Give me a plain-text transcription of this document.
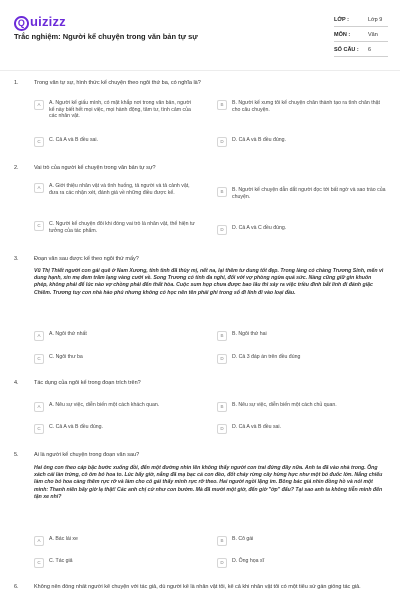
Q uizizz
Trắc nghiệm: Người kể chuyện trong văn bản tự sự
LỚP :	Lớp 9
MÔN :	Văn
SỐ CÂU : 6
1.	Trong văn tự sự, hình thức kể chuyện theo ngôi thứ ba, có nghĩa là?
A	A. Người kể giấu mình, có mặt khắp nơi trong văn bản, người kể này biết hết mọi việc, mọi hành động, tâm tư, tình cảm của các nhân vật.
B	B. Người kể xưng tôi kể chuyện chân thành tạo ra tình chân thật cho câu chuyện.
C	C. Cả A và B đều sai.	D	D. Cả A và B đều đúng.
2.	Vai trò của người kể chuyện trong văn bản tự sự?
A	A. Giới thiệu nhân vật và tình huống, tả người và tả cảnh vật, đưa ra các nhận xét, đánh giá về những điều được kể.	B	B. Người kể chuyện dẫn dắt người đọc tới bất ngờ và sao trào của chuyện.
C	C. Người kể chuyện đôi khi đóng vai trò là nhân vật, thể hiện tư tưởng của tác phẩm.	D	D. Cả A và C đều đúng.
3.	Đoạn văn sau được kể theo ngôi thứ mấy?
Vũ Thị Thiết người con gái quê ở Nam Xương, tính tình đã thùy mị, nết na, lại thêm tư dung tốt đẹp. Trong làng có chàng Trương Sinh, mến vì dung hạnh, xin mẹ đem trăm lạng vàng cưới về. Song Trương có tính đa nghi, đối với vợ phòng ngừa quá sức. Nàng cũng giữ gìn khuôn phép, không phải để lúc nào vợ chồng phải đến thất hòa. Cuộc sum họp chưa được bao lâu thì xảy ra việc triều đình bắt lính đi đánh giặc Chiêm. Trương tuy con nhà hào phú nhưng không có học nên tên phải ghi trong sổ đi lính đi vào loại đầu.
A	A. Ngôi thứ nhất	B	B. Ngôi thứ hai
C	C. Ngôi thư ba	D	D. Cả 3 đáp án trên đều đúng
4.	Tác dụng của ngôi kể trong đoạn trích trên?
A	A. Nêu sự việc, diễn biến một cách khách quan.	B	B. Nêu sự việc, diễn biến một cách chủ quan.
C	C. Cả A và B đều đúng.	D	D. Cả A và B đều sai.
5.	Ai là người kể chuyện trong đoạn văn sau?
Hai ông con theo cáp bậc bước xuống đồi, đến một đường nhìn lên không thấy người con trai đứng đây nữa. Anh ta đã vào nhà trong. Ông xách cái làn trứng, cô ôm bó hoa to. Lúc bấy giờ, nắng đã mạ bạc cả con đèo, đốt cháy rừng cây hừng hực như một bó đuốc lớn. Nắng chiếu làm cho bó hoa càng thêm rực rỡ và làm cho cô gái thấy mình rực rỡ theo. Hai người ngồi lặng im. Bông bác giả nhìn đồng hồ và nói một mình: Thanh niên bây giờ lạ thật! Các anh chị cứ như con bướm. Mà đã mười một giờ, đến giờ "ớp" đấu? Tại sao anh ta không tiễn mình đến tận xe nhỉ?
A	A. Bác lái xe	B	B. Cô gái
C	C. Tác giả	D	D. Ông họa sĩ
6.	Không nên đồng nhất người kể chuyện với tác giả, dù người kể là nhân vật tôi, kể cả khi nhân vật tôi có một tiểu sử gần giống tác giả.
